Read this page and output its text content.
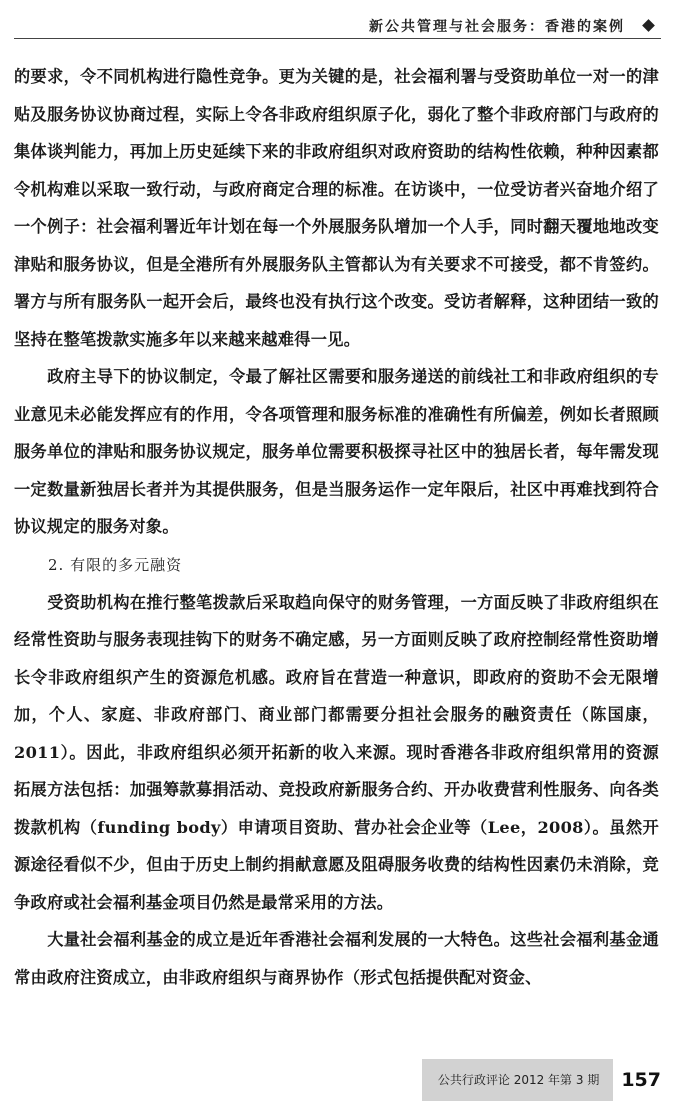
新公共管理与社会服务：香港的案例

的要求，令不同机构进行隐性竞争。更为关键的是，社会福利署与受资助单位一对一的津贴及服务协议协商过程，实际上令各非政府组织原子化，弱化了整个非政府部门与政府的集体谈判能力，再加上历史延续下来的非政府组织对政府资助的结构性依赖，种种因素都令机构难以采取一致行动，与政府商定合理的标准。在访谈中，一位受访者兴奋地介绍了一个例子：社会福利署近年计划在每一个外展服务队增加一个人手，同时翻天覆地地改变津贴和服务协议，但是全港所有外展服务队主管都认为有关要求不可接受，都不肯签约。署方与所有服务队一起开会后，最终也没有执行这个改变。受访者解释，这种团结一致的坚持在整笔拨款实施多年以来越来越难得一见。

政府主导下的协议制定，令最了解社区需要和服务递送的前线社工和非政府组织的专业意见未必能发挥应有的作用，令各项管理和服务标准的准确性有所偏差，例如长者照顾服务单位的津贴和服务协议规定，服务单位需要积极探寻社区中的独居长者，每年需发现一定数量新独居长者并为其提供服务，但是当服务运作一定年限后，社区中再难找到符合协议规定的服务对象。

2. 有限的多元融资

受资助机构在推行整笔拨款后采取趋向保守的财务管理，一方面反映了非政府组织在经常性资助与服务表现挂钩下的财务不确定感，另一方面则反映了政府控制经常性资助增长令非政府组织产生的资源危机感。政府旨在营造一种意识，即政府的资助不会无限增加，个人、家庭、非政府部门、商业部门都需要分担社会服务的融资责任（陈国康，2011）。因此，非政府组织必须开拓新的收入来源。现时香港各非政府组织常用的资源拓展方法包括：加强筹款募捐活动、竞投政府新服务合约、开办收费营利性服务、向各类拨款机构（funding body）申请项目资助、营办社会企业等（Lee，2008）。虽然开源途径看似不少，但由于历史上制约捐献意愿及阻碍服务收费的结构性因素仍未消除，竞争政府或社会福利基金项目仍然是最常采用的方法。

大量社会福利基金的成立是近年香港社会福利发展的一大特色。这些社会福利基金通常由政府注资成立，由非政府组织与商界协作（形式包括提供配对资金、

公共行政评论 2012 年第 3 期	157
